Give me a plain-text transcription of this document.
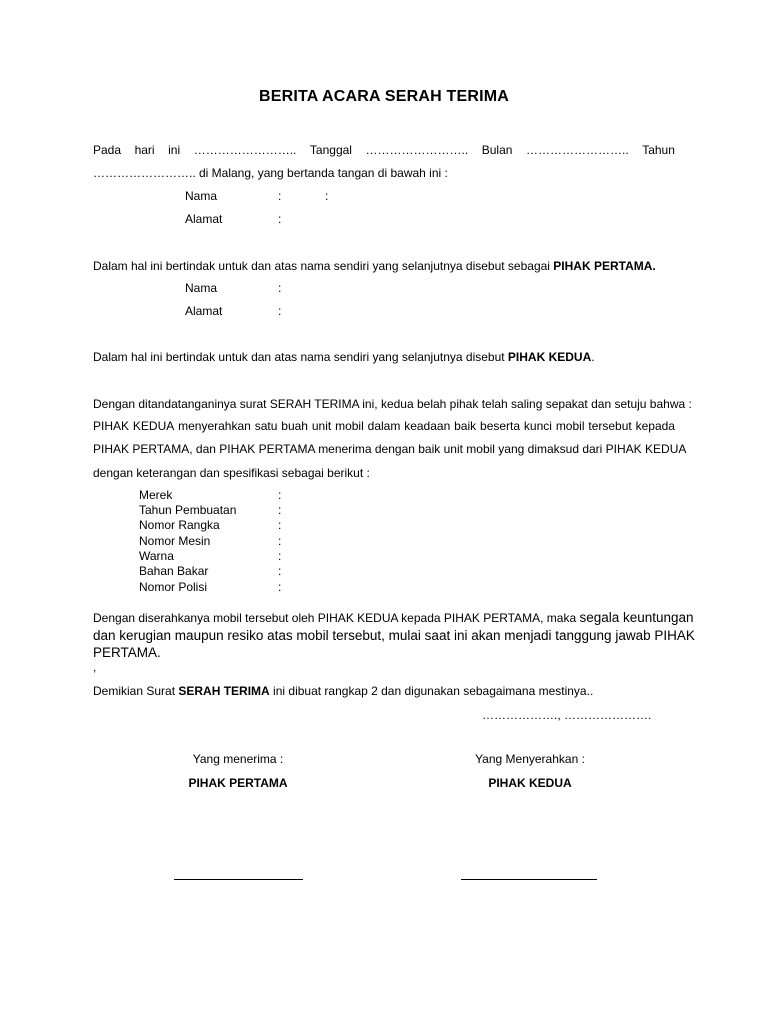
BERITA ACARA SERAH TERIMA
Pada hari ini …………………….. Tanggal …………………….. Bulan …………………….. Tahun
…………………….. di Malang, yang bertanda tangan di bawah ini :
Nama	:	:
Alamat	:
Dalam hal ini bertindak untuk dan atas nama sendiri yang selanjutnya disebut sebagai PIHAK PERTAMA.
Nama	:
Alamat	:
Dalam hal ini bertindak untuk dan atas nama sendiri yang selanjutnya disebut PIHAK KEDUA.
Dengan ditandatanganinya surat SERAH TERIMA ini, kedua belah pihak telah saling sepakat dan setuju bahwa :
PIHAK KEDUA menyerahkan satu buah unit mobil dalam keadaan baik beserta kunci mobil tersebut kepada
PIHAK PERTAMA, dan PIHAK PERTAMA menerima dengan baik unit mobil yang dimaksud dari PIHAK KEDUA
dengan keterangan dan spesifikasi sebagai berikut :
Merek	:
Tahun Pembuatan	:
Nomor Rangka	:
Nomor Mesin	:
Warna	:
Bahan Bakar	:
Nomor Polisi	:
Dengan diserahkanya mobil tersebut oleh PIHAK KEDUA kepada PIHAK PERTAMA, maka segala keuntungan
dan kerugian maupun resiko atas mobil tersebut, mulai saat ini akan menjadi tanggung jawab PIHAK
PERTAMA.
,
Demikian Surat SERAH TERIMA ini dibuat rangkap 2 dan digunakan sebagaimana mestinya..
………………., ………………….
Yang menerima :
PIHAK PERTAMA
Yang Menyerahkan :
PIHAK KEDUA
